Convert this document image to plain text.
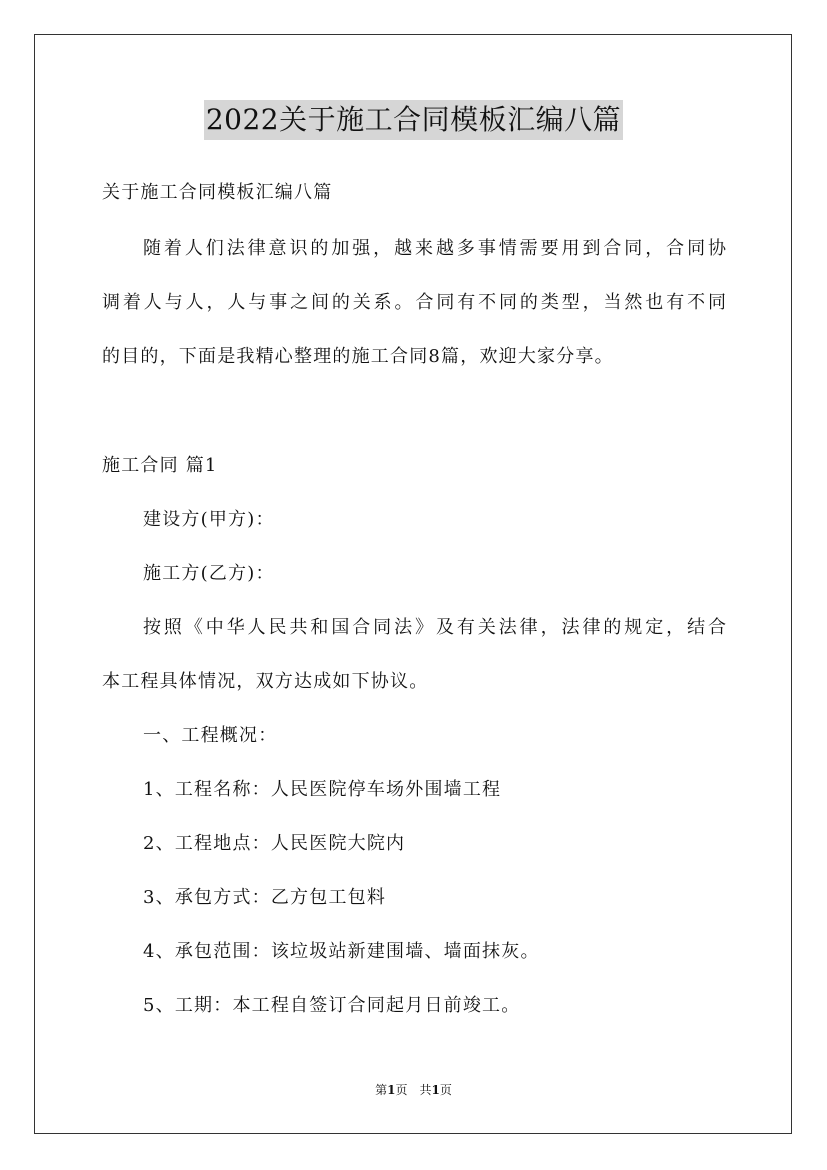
2022关于施工合同模板汇编八篇
关于施工合同模板汇编八篇
随着人们法律意识的加强，越来越多事情需要用到合同，合同协
调着人与人，人与事之间的关系。合同有不同的类型，当然也有不同
的目的，下面是我精心整理的施工合同8篇，欢迎大家分享。
施工合同 篇1
建设方(甲方)：
施工方(乙方)：
按照《中华人民共和国合同法》及有关法律，法律的规定，结合
本工程具体情况，双方达成如下协议。
一、工程概况：
1、工程名称：人民医院停车场外围墙工程
2、工程地点：人民医院大院内
3、承包方式：乙方包工包料
4、承包范围：该垃圾站新建围墙、墙面抹灰。
5、工期：本工程自签订合同起月日前竣工。
第1页　共1页
